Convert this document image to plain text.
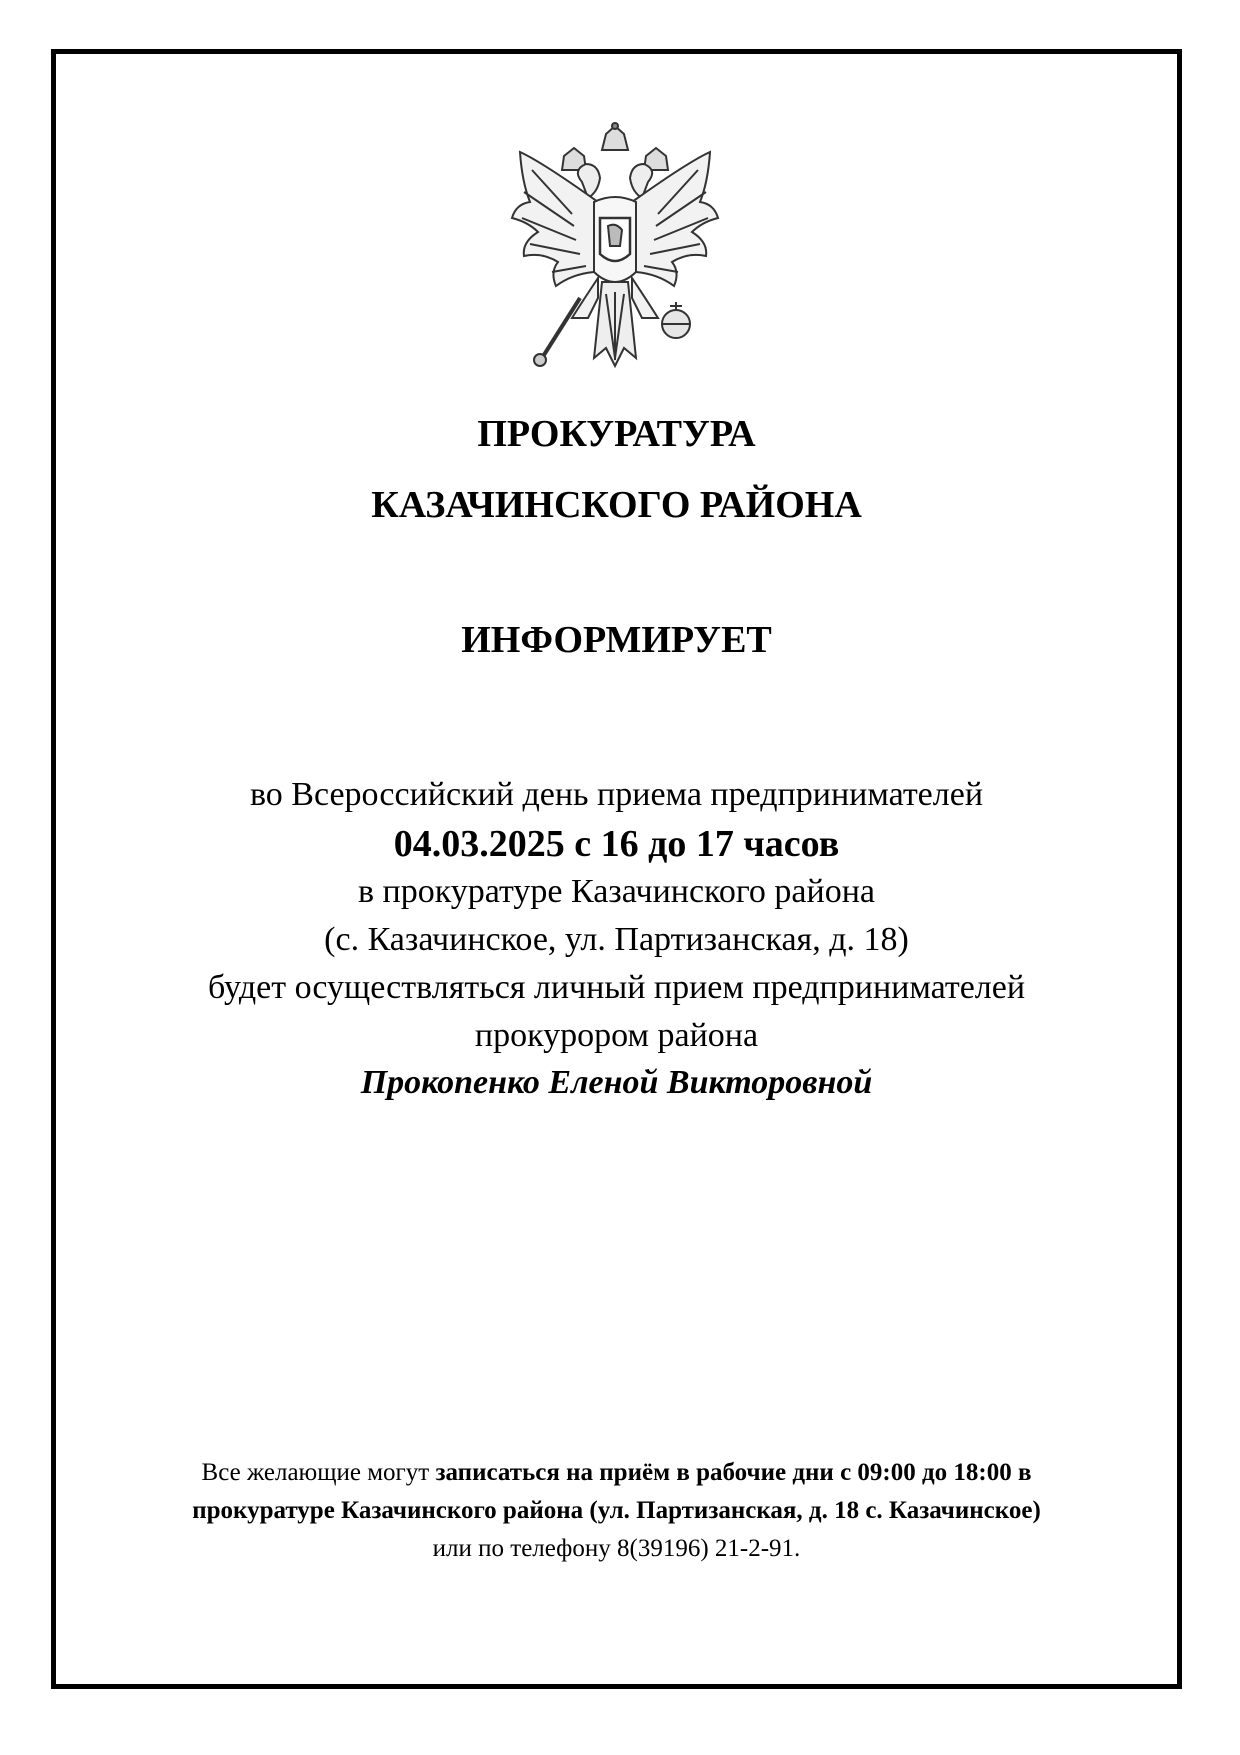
ПРОКУРАТУРА
КАЗАЧИНСКОГО РАЙОНА
ИНФОРМИРУЕТ
во Всероссийский день приема предпринимателей
04.03.2025 с 16 до 17 часов
в прокуратуре Казачинского района
(с. Казачинское, ул. Партизанская, д. 18)
будет осуществляться личный прием предпринимателей
прокурором района
Прокопенко Еленой Викторовной
Все желающие могут записаться на приём в рабочие дни с 09:00 до 18:00 в
прокуратуре Казачинского района (ул. Партизанская, д. 18 с. Казачинское)
или по телефону 8(39196) 21-2-91.
